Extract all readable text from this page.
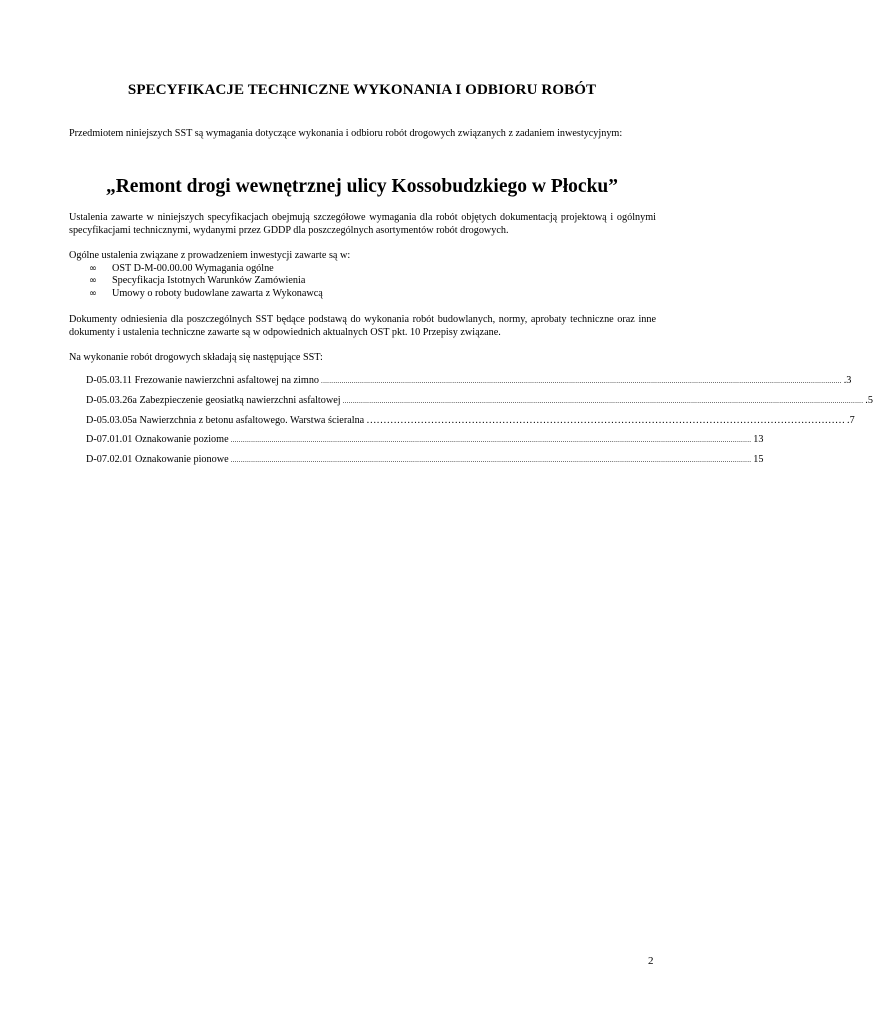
SPECYFIKACJE TECHNICZNE WYKONANIA I ODBIORU ROBÓT
Przedmiotem niniejszych SST są wymagania dotyczące wykonania i odbioru robót drogowych związanych z zadaniem inwestycyjnym:
„Remont drogi wewnętrznej ulicy Kossobudzkiego w Płocku”
Ustalenia zawarte w niniejszych specyfikacjach obejmują szczegółowe wymagania dla robót objętych dokumentacją projektową i ogólnymi specyfikacjami technicznymi, wydanymi przez GDDP dla poszczególnych asortymentów robót drogowych.
Ogólne ustalenia związane z prowadzeniem inwestycji zawarte są w:
∞ OST D-M-00.00.00 Wymagania ogólne
∞ Specyfikacja Istotnych Warunków Zamówienia
∞ Umowy o roboty budowlane zawarta z Wykonawcą
Dokumenty odniesienia dla poszczególnych SST będące podstawą do wykonania robót budowlanych, normy, aprobaty techniczne oraz inne dokumenty i ustalenia techniczne zawarte są w odpowiednich aktualnych OST pkt. 10 Przepisy związane.
Na wykonanie robót drogowych składają się następujące SST:
D-05.03.11 Frezowanie nawierzchni asfaltowej na zimno .............................................................................................................................................................................................................................................................. .3
D-05.03.26a Zabezpieczenie geosiatką nawierzchni asfaltowej .............................................................................................................................................................................................................................................................. .5
D-05.03.05a Nawierzchnia z betonu asfaltowego. Warstwa ścieralna …………………………………………………………………………………………………………………………… .7
D-07.01.01 Oznakowanie poziome .............................................................................................................................................................................................................................................................. 13
D-07.02.01 Oznakowanie pionowe .............................................................................................................................................................................................................................................................. 15
2
